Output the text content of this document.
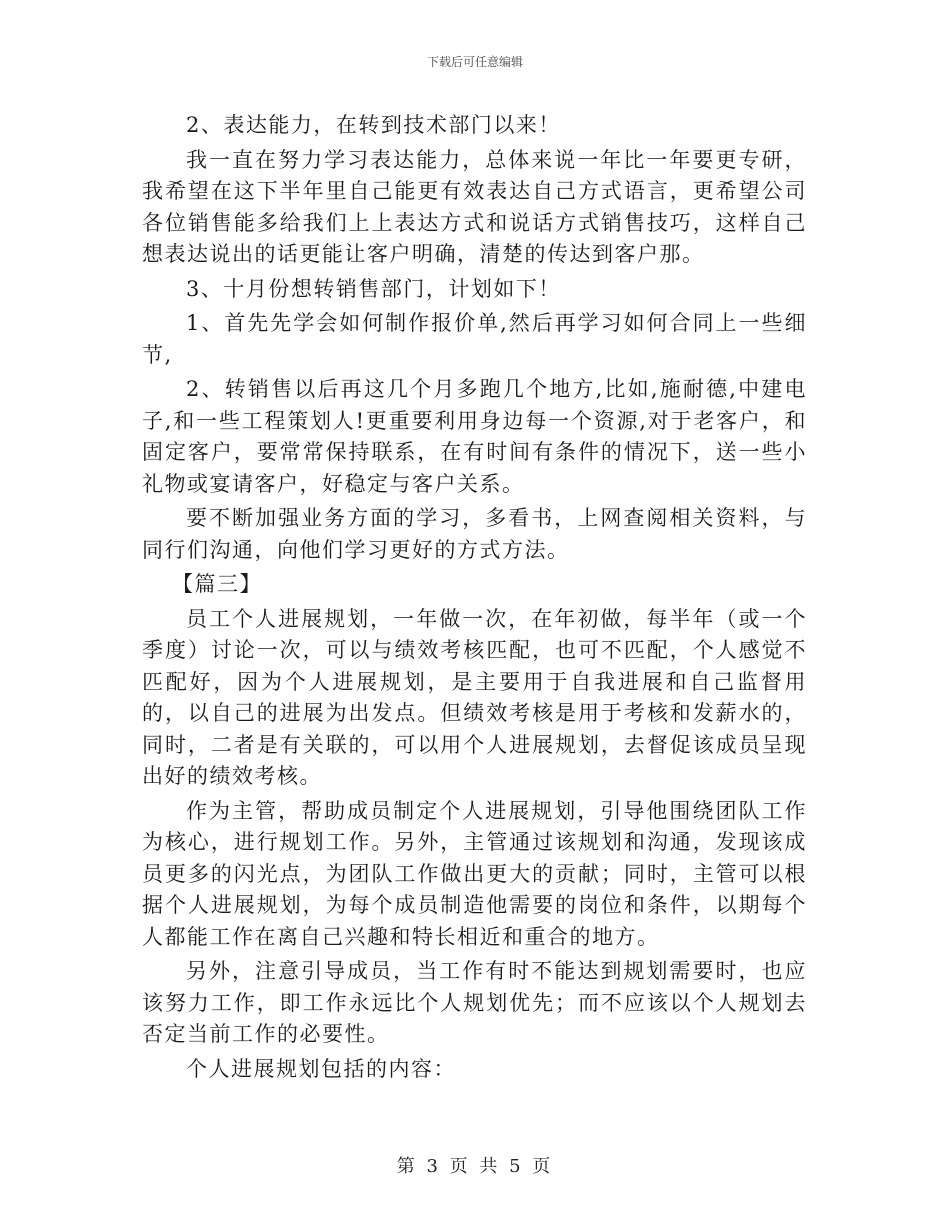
下载后可任意编辑

2、表达能力，在转到技术部门以来！

我一直在努力学习表达能力，总体来说一年比一年要更专研，我希望在这下半年里自己能更有效表达自己方式语言，更希望公司各位销售能多给我们上上表达方式和说话方式销售技巧，这样自己想表达说出的话更能让客户明确，清楚的传达到客户那。

3、十月份想转销售部门，计划如下！

1、首先先学会如何制作报价单,然后再学习如何合同上一些细节,

2、转销售以后再这几个月多跑几个地方,比如,施耐德,中建电子,和一些工程策划人!更重要利用身边每一个资源,对于老客户，和固定客户，要常常保持联系，在有时间有条件的情况下，送一些小礼物或宴请客户，好稳定与客户关系。

要不断加强业务方面的学习，多看书，上网查阅相关资料，与同行们沟通，向他们学习更好的方式方法。

【篇三】

员工个人进展规划，一年做一次，在年初做，每半年（或一个季度）讨论一次，可以与绩效考核匹配，也可不匹配，个人感觉不匹配好，因为个人进展规划，是主要用于自我进展和自己监督用的，以自己的进展为出发点。但绩效考核是用于考核和发薪水的，同时，二者是有关联的，可以用个人进展规划，去督促该成员呈现出好的绩效考核。

作为主管，帮助成员制定个人进展规划，引导他围绕团队工作为核心，进行规划工作。另外，主管通过该规划和沟通，发现该成员更多的闪光点，为团队工作做出更大的贡献；同时，主管可以根据个人进展规划，为每个成员制造他需要的岗位和条件，以期每个人都能工作在离自己兴趣和特长相近和重合的地方。

另外，注意引导成员，当工作有时不能达到规划需要时，也应该努力工作，即工作永远比个人规划优先；而不应该以个人规划去否定当前工作的必要性。

个人进展规划包括的内容：

第 3 页 共 5 页
